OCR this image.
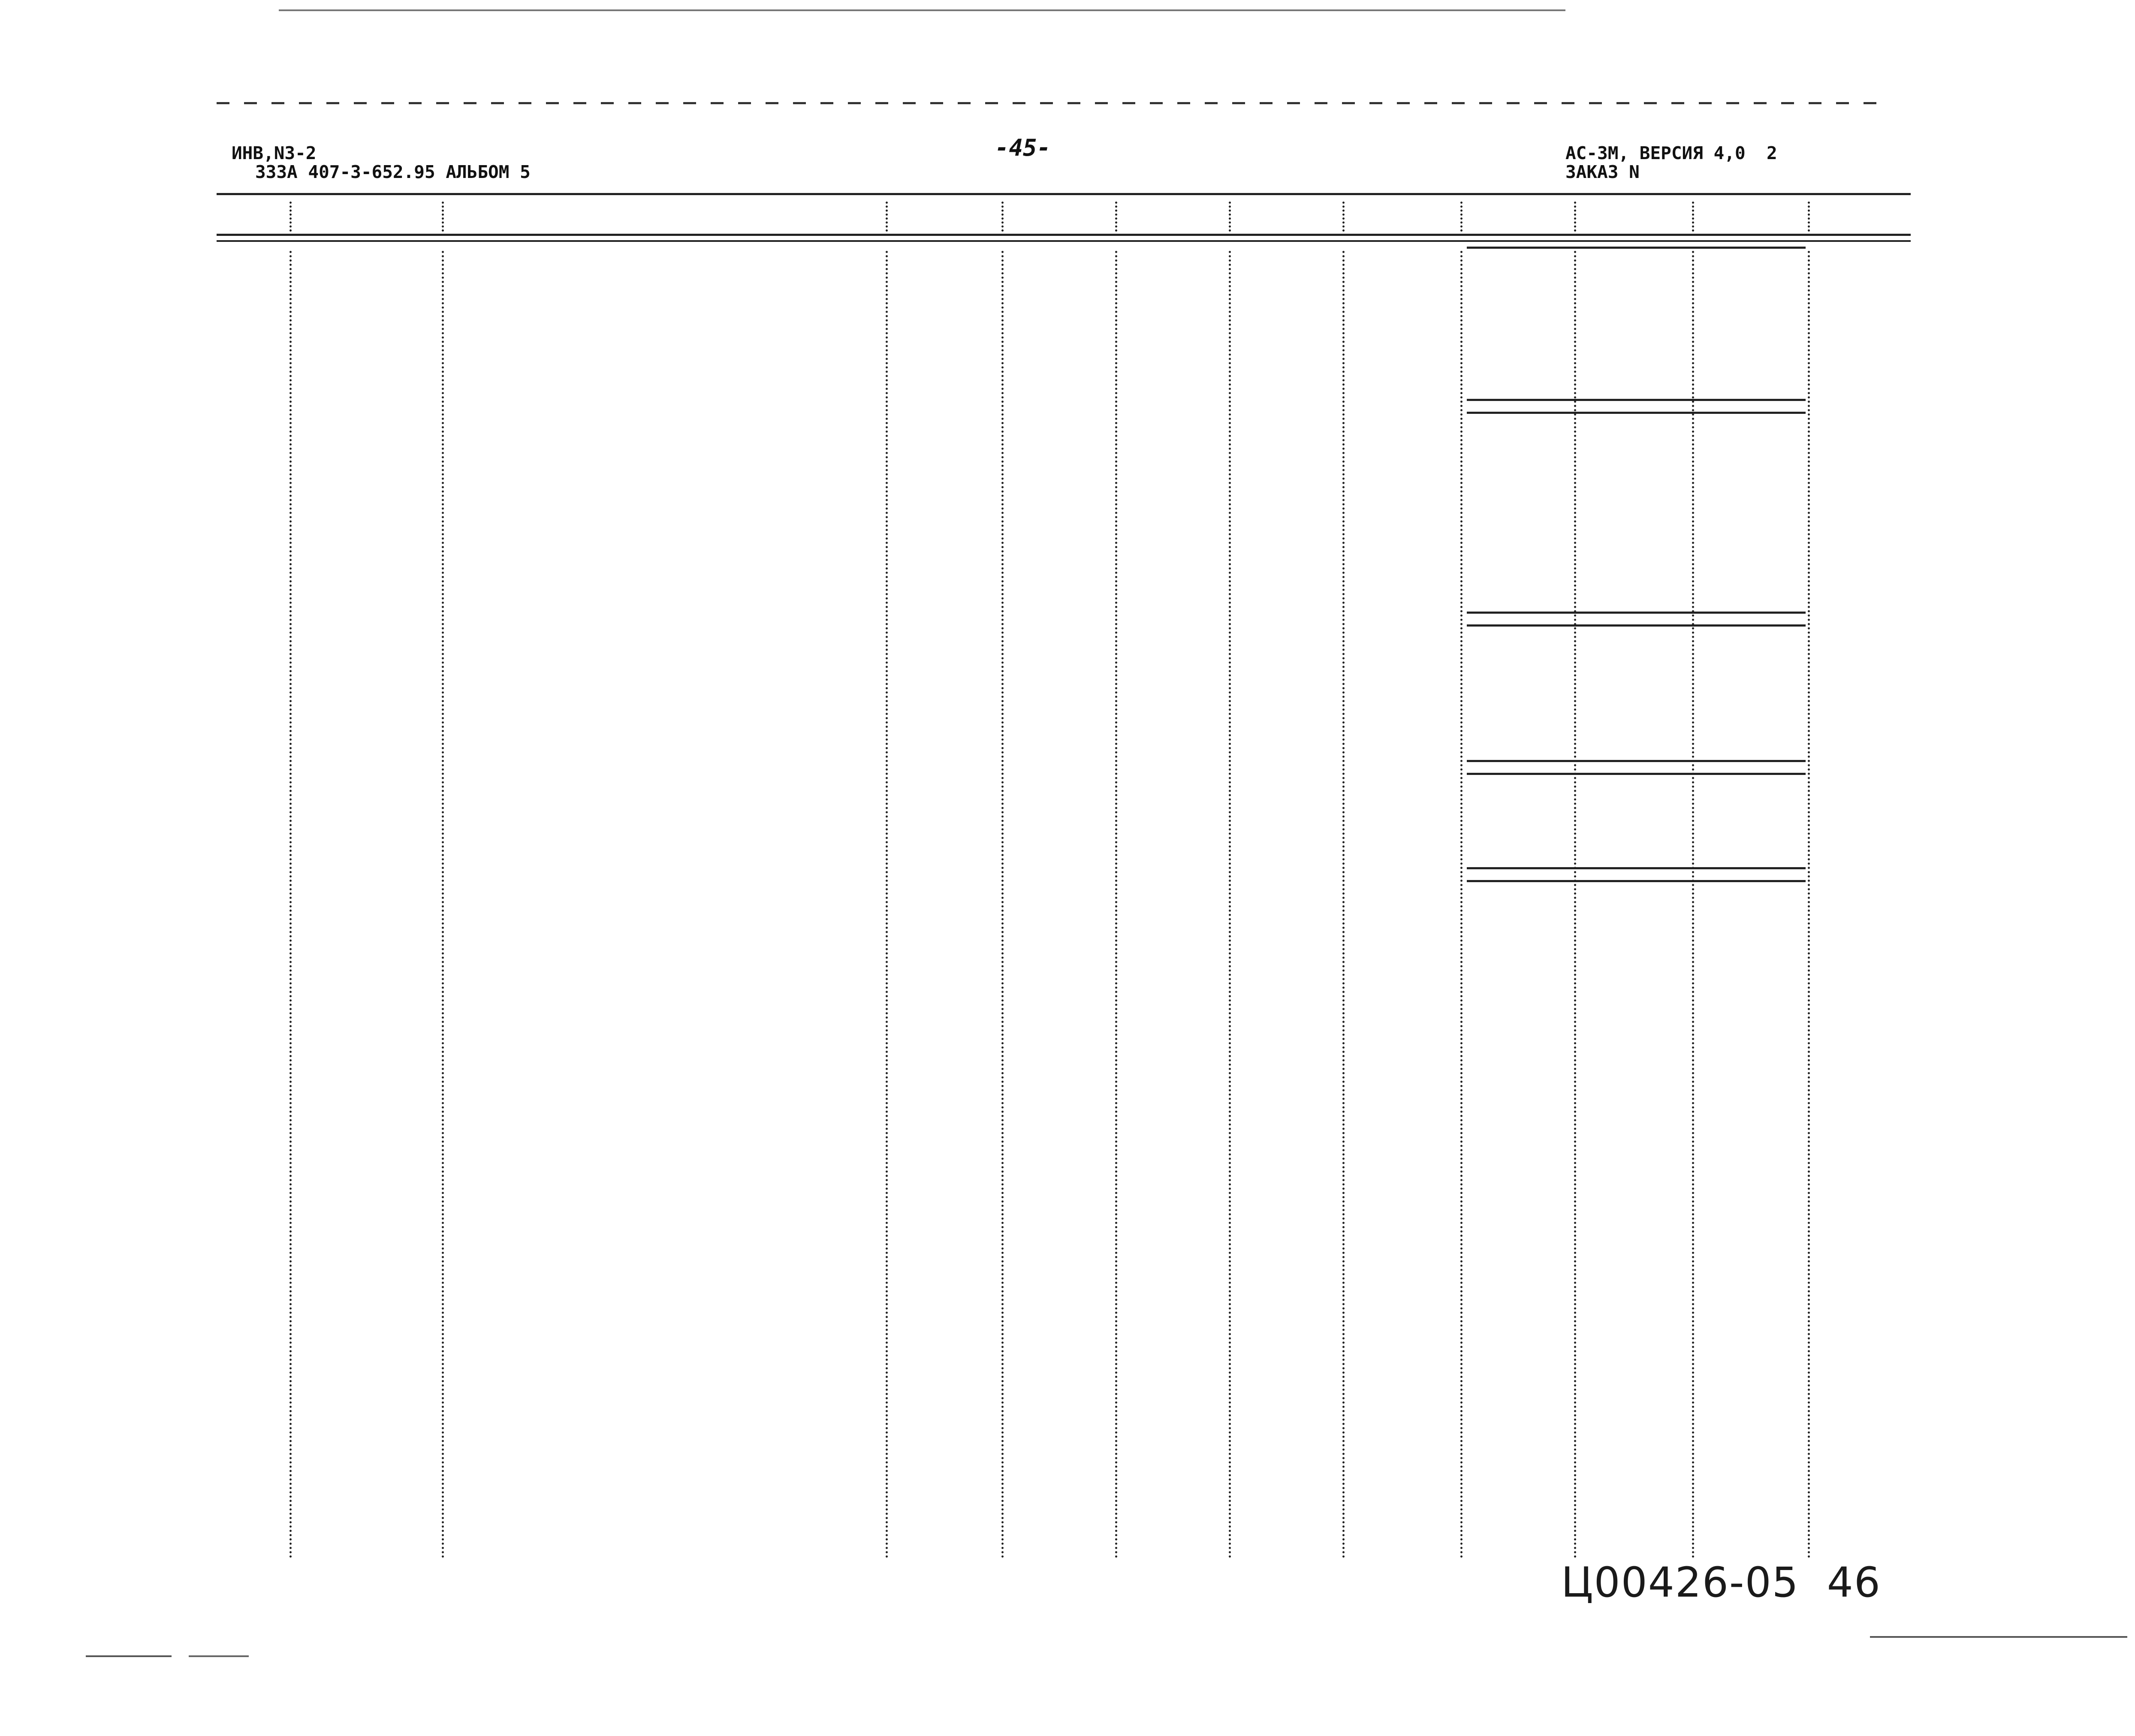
ИНВ,N3-2
333А 407-3-652.95 АЛЬБОМ 5
-45-	АС-3М, ВЕРСИЯ 4,0  2
ЗАКАЗ N
Ц00426-05  46
